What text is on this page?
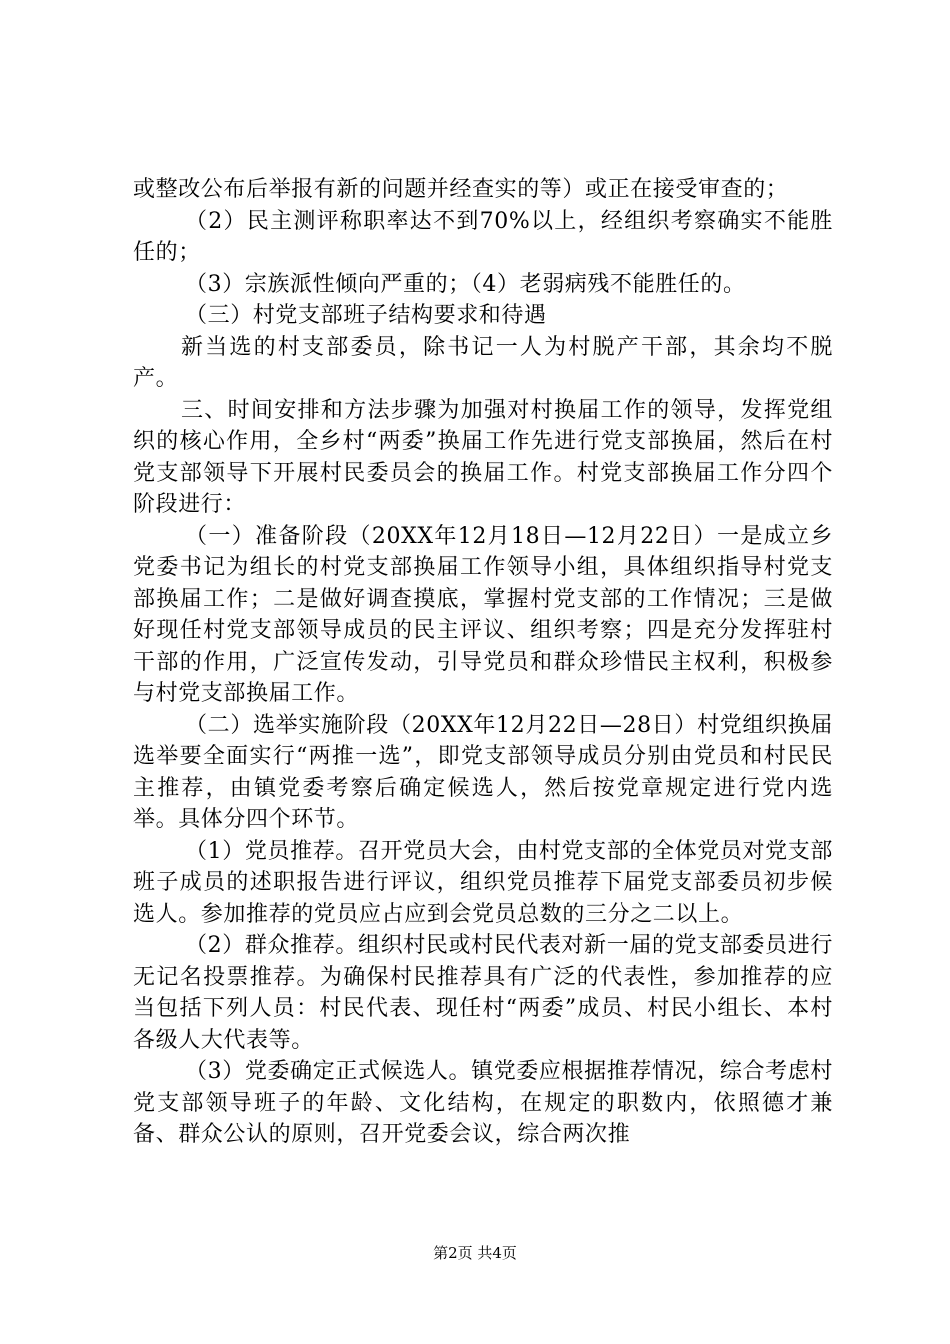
或整改公布后举报有新的问题并经查实的等）或正在接受审查的；

（2）民主测评称职率达不到70%以上，经组织考察确实不能胜任的；

（3）宗族派性倾向严重的；（4）老弱病残不能胜任的。

（三）村党支部班子结构要求和待遇

新当选的村支部委员，除书记一人为村脱产干部，其余均不脱产。

三、时间安排和方法步骤为加强对村换届工作的领导，发挥党组织的核心作用，全乡村“两委”换届工作先进行党支部换届，然后在村党支部领导下开展村民委员会的换届工作。村党支部换届工作分四个阶段进行：

（一）准备阶段（20XX年12月18日—12月22日）一是成立乡党委书记为组长的村党支部换届工作领导小组，具体组织指导村党支部换届工作；二是做好调查摸底，掌握村党支部的工作情况；三是做好现任村党支部领导成员的民主评议、组织考察；四是充分发挥驻村干部的作用，广泛宣传发动，引导党员和群众珍惜民主权利，积极参与村党支部换届工作。

（二）选举实施阶段（20XX年12月22日—28日）村党组织换届选举要全面实行“两推一选”，即党支部领导成员分别由党员和村民民主推荐，由镇党委考察后确定候选人，然后按党章规定进行党内选举。具体分四个环节。

（1）党员推荐。召开党员大会，由村党支部的全体党员对党支部班子成员的述职报告进行评议，组织党员推荐下届党支部委员初步候选人。参加推荐的党员应占应到会党员总数的三分之二以上。

（2）群众推荐。组织村民或村民代表对新一届的党支部委员进行无记名投票推荐。为确保村民推荐具有广泛的代表性，参加推荐的应当包括下列人员：村民代表、现任村“两委”成员、村民小组长、本村各级人大代表等。

（3）党委确定正式候选人。镇党委应根据推荐情况，综合考虑村党支部领导班子的年龄、文化结构，在规定的职数内，依照德才兼备、群众公认的原则，召开党委会议，综合两次推

第2页 共4页
